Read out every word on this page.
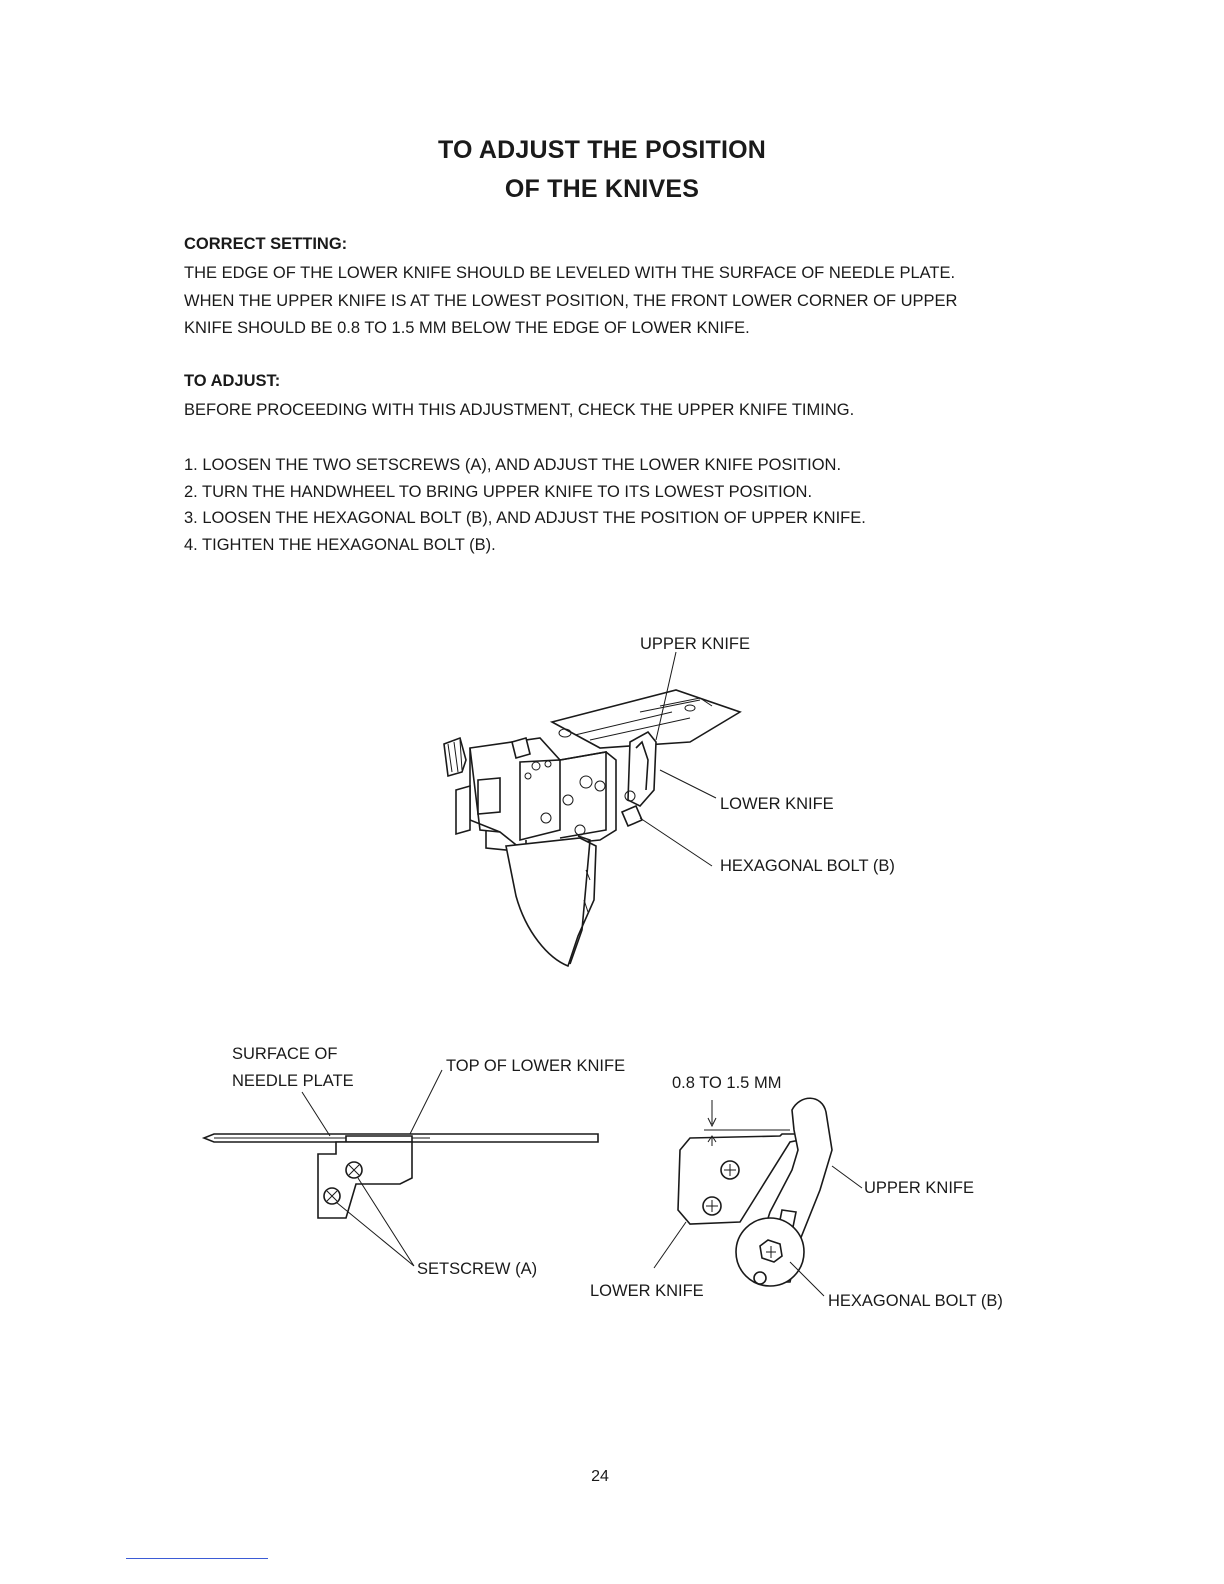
TO ADJUST THE POSITION
OF THE KNIVES
CORRECT SETTING:
THE EDGE OF THE LOWER KNIFE SHOULD BE LEVELED WITH THE SURFACE OF NEEDLE PLATE.
WHEN THE UPPER KNIFE IS AT THE LOWEST POSITION, THE FRONT LOWER CORNER OF UPPER
KNIFE SHOULD BE 0.8 TO 1.5 MM BELOW THE EDGE OF LOWER KNIFE.
TO ADJUST:
BEFORE PROCEEDING WITH THIS ADJUSTMENT, CHECK THE UPPER KNIFE TIMING.
1. LOOSEN THE TWO SETSCREWS (A), AND ADJUST THE LOWER KNIFE POSITION.
2. TURN THE HANDWHEEL TO BRING UPPER KNIFE TO ITS LOWEST POSITION.
3. LOOSEN THE HEXAGONAL BOLT (B), AND ADJUST THE POSITION OF UPPER KNIFE.
4. TIGHTEN THE HEXAGONAL BOLT (B).
UPPER KNIFE
LOWER KNIFE
HEXAGONAL BOLT (B)
SURFACE OF
NEEDLE PLATE
TOP OF LOWER KNIFE
SETSCREW (A)
0.8 TO 1.5 MM
UPPER KNIFE
LOWER KNIFE
HEXAGONAL BOLT (B)
24
